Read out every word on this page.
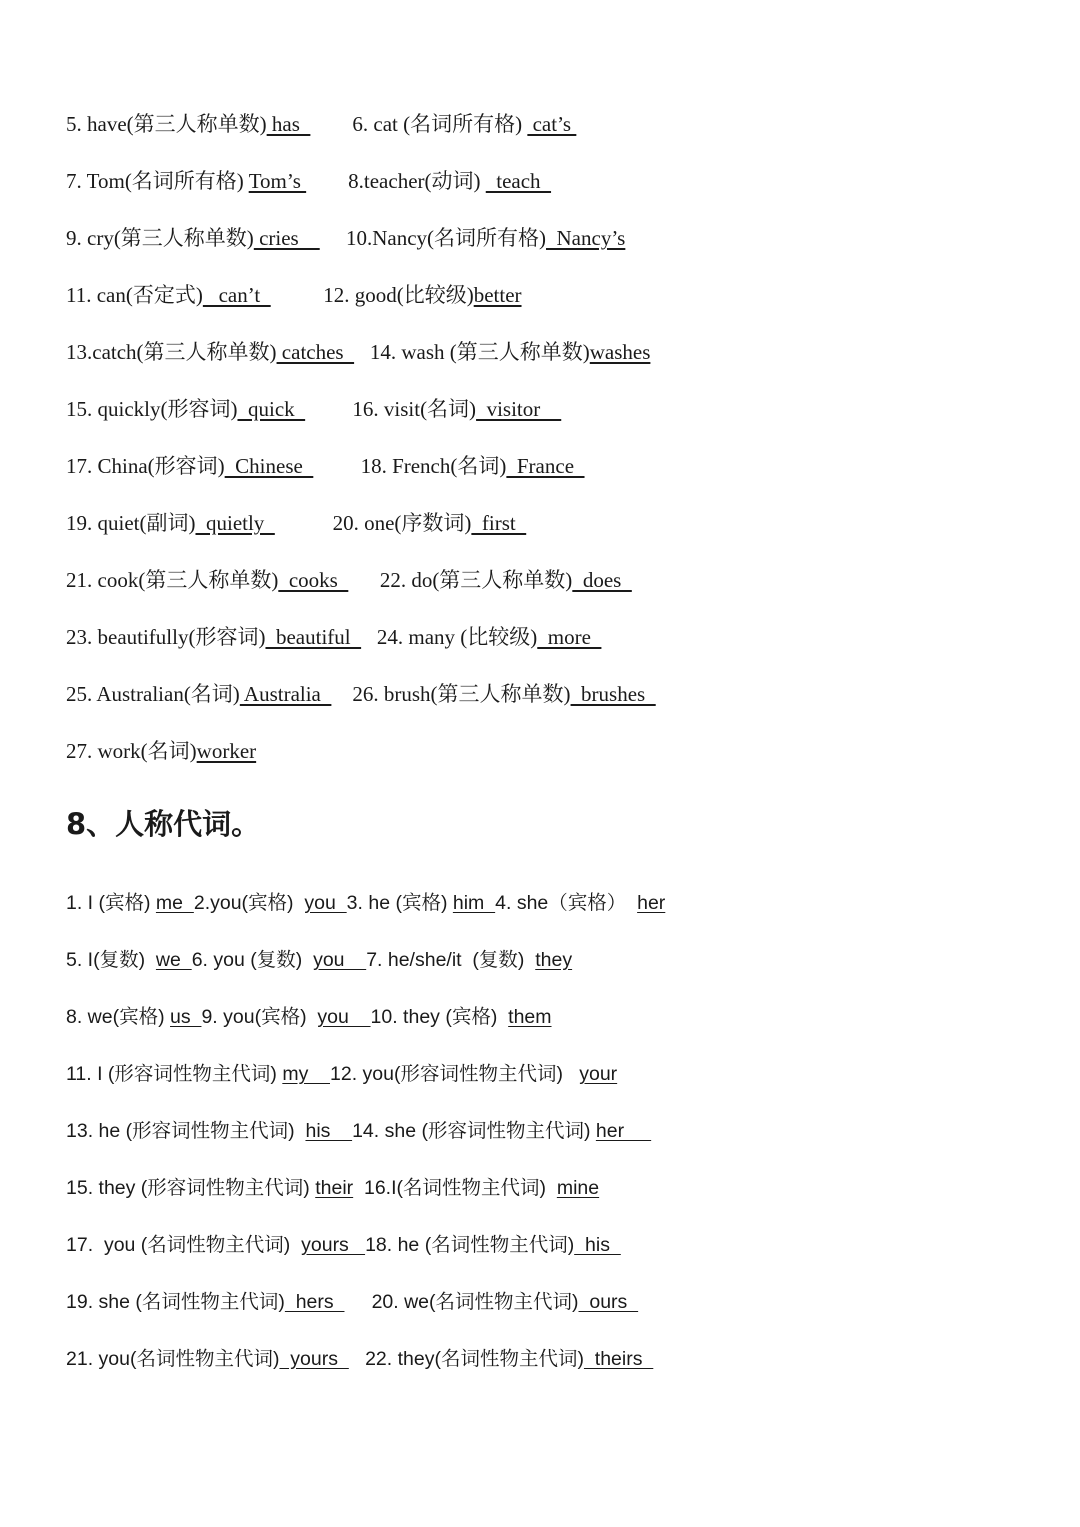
5. have(第三人称单数) has          6. cat (名词所有格)  cat’s
7. Tom(名词所有格) Tom’s         8.teacher(动词)   teach
9. cry(第三人称单数) cries         10.Nancy(名词所有格)  Nancy’s
11. can(否定式)   can’t	12. good(比较级)better
13.catch(第三人称单数) catches     14. wash (第三人称单数)washes
15. quickly(形容词)  quick           16. visit(名词)  visitor
17. China(形容词)  Chinese           18. French(名词)  France
19. quiet(副词)  quietly	20. one(序数词)  first
21. cook(第三人称单数)  cooks        22. do(第三人称单数)  does
23. beautifully(形容词)  beautiful     24. many (比较级)  more
25. Australian(名词) Australia      26. brush(第三人称单数)  brushes
27. work(名词)worker
8、人称代词。
1. I (宾格) me  2.you(宾格)  you  3. he (宾格) him  4. she（宾格）  her
5. I(复数)  we  6. you (复数)  you    7. he/she/it  (复数)  they
8. we(宾格) us  9. you(宾格)  you    10. they (宾格)  them
11. I (形容词性物主代词) my    12. you(形容词性物主代词)   your
13. he (形容词性物主代词)  his    14. she (形容词性物主代词) her
15. they (形容词性物主代词) their  16.I(名词性物主代词)  mine
17.  you (名词性物主代词)  yours   18. he (名词性物主代词)  his
19. she (名词性物主代词)  hers       20. we(名词性物主代词)  ours
21. you(名词性物主代词)  yours     22. they(名词性物主代词)  theirs
